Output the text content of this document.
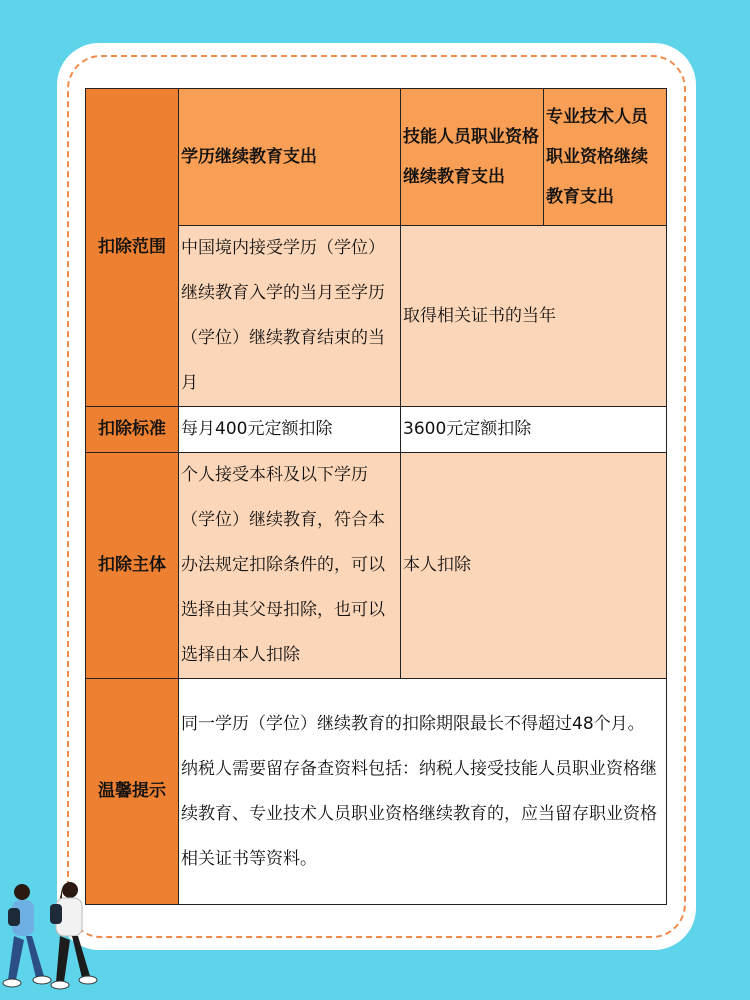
扣除范围	学历继续教育支出	技能人员职业资格继续教育支出	专业技术人员职业资格继续教育支出
	中国境内接受学历（学位）继续教育入学的当月至学历（学位）继续教育结束的当月	取得相关证书的当年	
扣除标准	每月400元定额扣除	3600元定额扣除	
扣除主体	个人接受本科及以下学历（学位）继续教育，符合本办法规定扣除条件的，可以选择由其父母扣除，也可以选择由本人扣除	本人扣除	
温馨提示	同一学历（学位）继续教育的扣除期限最长不得超过48个月。
纳税人需要留存备查资料包括：纳税人接受技能人员职业资格继续教育、专业技术人员职业资格继续教育的，应当留存职业资格相关证书等资料。		
